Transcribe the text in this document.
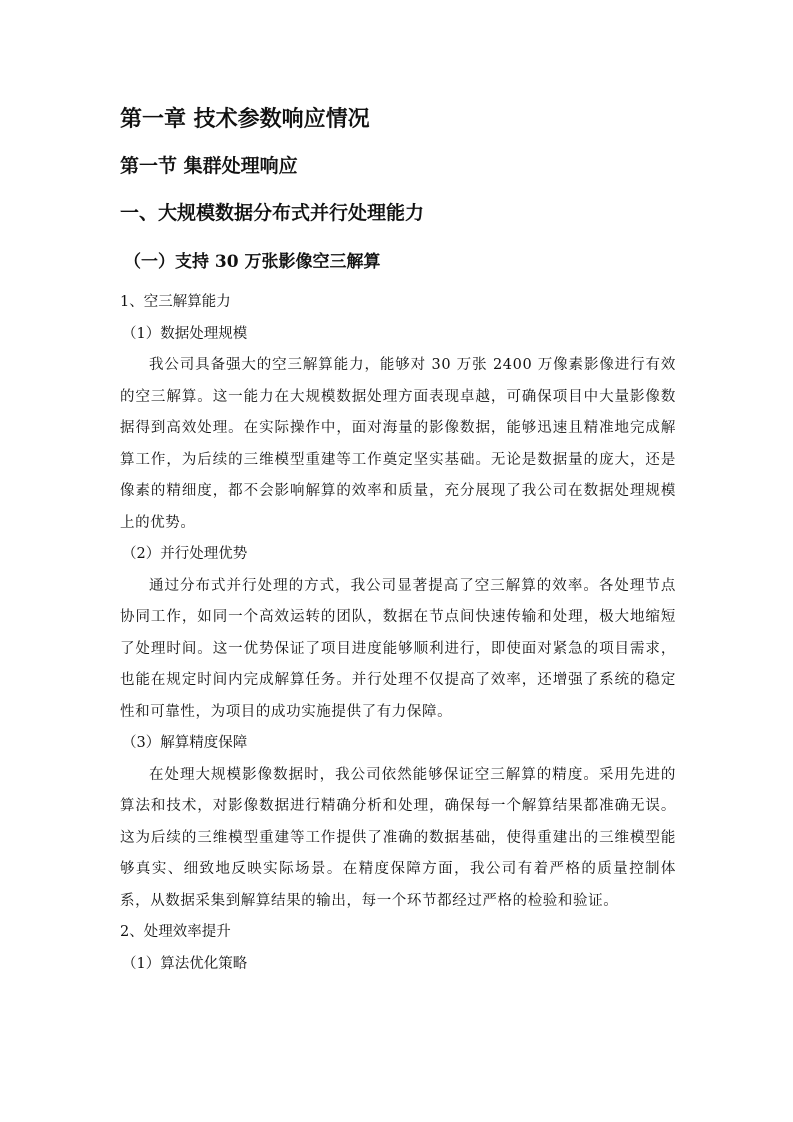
第一章 技术参数响应情况
第一节 集群处理响应
一、大规模数据分布式并行处理能力
（一）支持 30 万张影像空三解算

1、空三解算能力

（1）数据处理规模

我公司具备强大的空三解算能力，能够对 30 万张 2400 万像素影像进行有效的空三解算。这一能力在大规模数据处理方面表现卓越，可确保项目中大量影像数据得到高效处理。在实际操作中，面对海量的影像数据，能够迅速且精准地完成解算工作，为后续的三维模型重建等工作奠定坚实基础。无论是数据量的庞大，还是像素的精细度，都不会影响解算的效率和质量，充分展现了我公司在数据处理规模上的优势。

（2）并行处理优势

通过分布式并行处理的方式，我公司显著提高了空三解算的效率。各处理节点协同工作，如同一个高效运转的团队，数据在节点间快速传输和处理，极大地缩短了处理时间。这一优势保证了项目进度能够顺利进行，即使面对紧急的项目需求，也能在规定时间内完成解算任务。并行处理不仅提高了效率，还增强了系统的稳定性和可靠性，为项目的成功实施提供了有力保障。

（3）解算精度保障

在处理大规模影像数据时，我公司依然能够保证空三解算的精度。采用先进的算法和技术，对影像数据进行精确分析和处理，确保每一个解算结果都准确无误。这为后续的三维模型重建等工作提供了准确的数据基础，使得重建出的三维模型能够真实、细致地反映实际场景。在精度保障方面，我公司有着严格的质量控制体系，从数据采集到解算结果的输出，每一个环节都经过严格的检验和验证。

2、处理效率提升

（1）算法优化策略
